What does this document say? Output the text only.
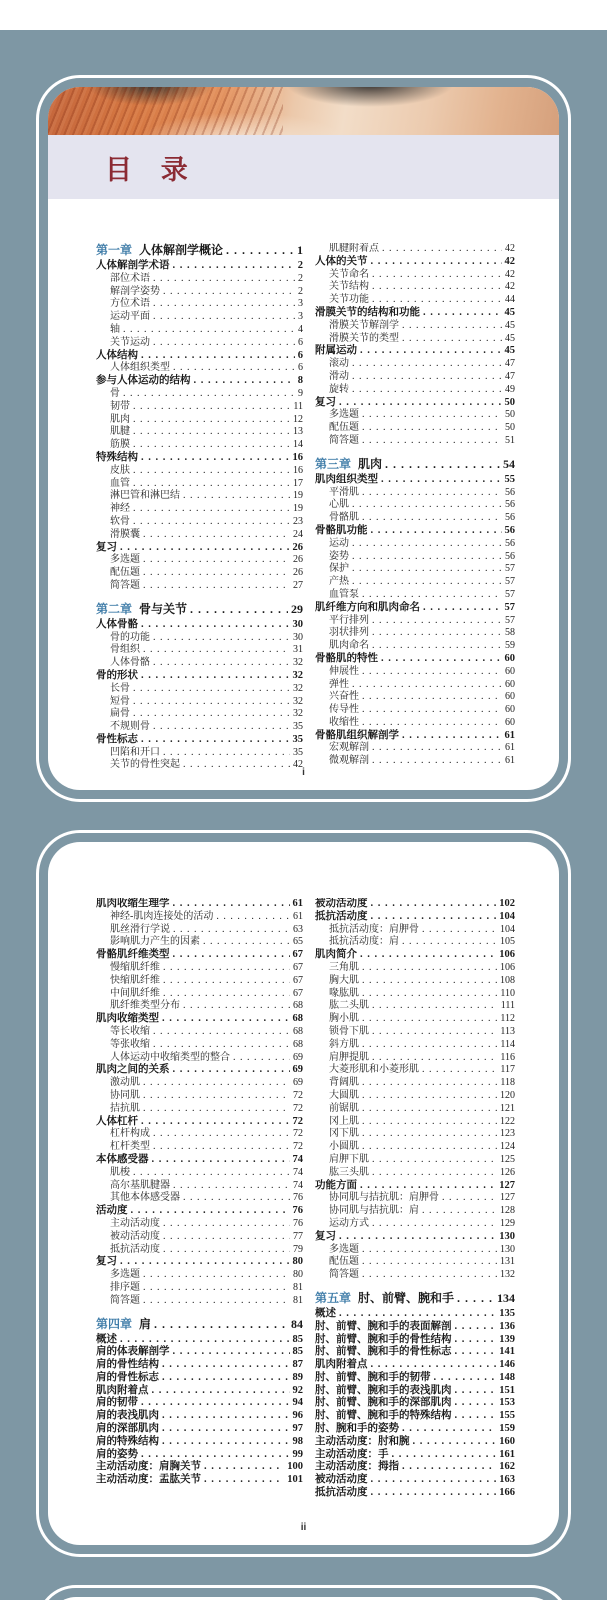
目 录
第一章 人体解剖学概论 . . .	1
人体解剖学术语 . . .	2
部位术语 . . .	2
解剖学姿势 . . .	2
方位术语 . . .	3
运动平面 . . .	3
轴 . . .	4
关节运动 . . .	6
人体结构 . . .	6
人体组织类型 . . .	6
参与人体运动的结构 . . .	8
骨 . . .	9
韧带 . . .	11
肌肉 . . .	12
肌腱 . . .	13
筋膜 . . .	14
特殊结构 . . .	16
皮肤 . . .	16
血管 . . .	17
淋巴管和淋巴结 . . .	19
神经 . . .	19
软骨 . . .	23
滑膜囊 . . .	24
复习 . . .	26
多选题 . . .	26
配伍题 . . .	26
简答题 . . .	27
第二章 骨与关节 . . .	29
人体骨骼 . . .	30
骨的功能 . . .	30
骨组织 . . .	31
人体骨骼 . . .	32
骨的形状 . . .	32
长骨 . . .	32
短骨 . . .	32
扁骨 . . .	32
不规则骨 . . .	35
骨性标志 . . .	35
凹陷和开口 . . .	35
关节的骨性突起 . . .	42
肌腱附着点 . . .	42
人体的关节 . . .	42
关节命名 . . .	42
关节结构 . . .	42
关节功能 . . .	44
滑膜关节的结构和功能 . . .	45
滑膜关节解剖学 . . .	45
滑膜关节的类型 . . .	45
附属运动 . . .	45
滚动 . . .	47
滑动 . . .	47
旋转 . . .	49
复习 . . .	50
多选题 . . .	50
配伍题 . . .	50
简答题 . . .	51
第三章 肌肉 . . .	54
肌肉组织类型 . . .	55
平滑肌 . . .	56
心肌 . . .	56
骨骼肌 . . .	56
骨骼肌功能 . . .	56
运动 . . .	56
姿势 . . .	56
保护 . . .	57
产热 . . .	57
血管泵 . . .	57
肌纤维方向和肌肉命名 . . .	57
平行排列 . . .	57
羽状排列 . . .	58
肌肉命名 . . .	59
骨骼肌的特性 . . .	60
伸展性 . . .	60
弹性 . . .	60
兴奋性 . . .	60
传导性 . . .	60
收缩性 . . .	60
骨骼肌组织解剖学 . . .	61
宏观解剖 . . .	61
微观解剖 . . .	61
i
肌肉收缩生理学 . . .	61
神经-肌肉连接处的活动 . . .	61
肌丝滑行学说 . . .	63
影响肌力产生的因素 . . .	65
骨骼肌纤维类型 . . .	67
慢缩肌纤维 . . .	67
快缩肌纤维 . . .	67
中间肌纤维 . . .	67
肌纤维类型分布 . . .	68
肌肉收缩类型 . . .	68
等长收缩 . . .	68
等张收缩 . . .	68
人体运动中收缩类型的整合 . . .	69
肌肉之间的关系 . . .	69
激动肌 . . .	69
协同肌 . . .	72
拮抗肌 . . .	72
人体杠杆 . . .	72
杠杆构成 . . .	72
杠杆类型 . . .	72
本体感受器 . . .	74
肌梭 . . .	74
高尔基肌腱器 . . .	74
其他本体感受器 . . .	76
活动度 . . .	76
主动活动度 . . .	76
被动活动度 . . .	77
抵抗活动度 . . .	79
复习 . . .	80
多选题 . . .	80
排序题 . . .	81
简答题 . . .	81
第四章 肩 . . .	84
概述 . . .	85
肩的体表解剖学 . . .	85
肩的骨性结构 . . .	87
肩的骨性标志 . . .	89
肌肉附着点 . . .	92
肩的韧带 . . .	94
肩的表浅肌肉 . . .	96
肩的深部肌肉 . . .	97
肩的特殊结构 . . .	98
肩的姿势 . . .	99
主动活动度：肩胸关节 . . .	100
主动活动度：盂肱关节 . . .	101
被动活动度 . . .	102
抵抗活动度 . . .	104
抵抗活动度：肩胛骨 . . .	104
抵抗活动度：肩 . . .	105
肌肉简介 . . .	106
三角肌 . . .	106
胸大肌 . . .	108
喙肱肌 . . .	110
肱二头肌 . . .	111
胸小肌 . . .	112
锁骨下肌 . . .	113
斜方肌 . . .	114
肩胛提肌 . . .	116
大菱形肌和小菱形肌 . . .	117
背阔肌 . . .	118
大圆肌 . . .	120
前锯肌 . . .	121
冈上肌 . . .	122
冈下肌 . . .	123
小圆肌 . . .	124
肩胛下肌 . . .	125
肱三头肌 . . .	126
功能方面 . . .	127
协同肌与拮抗肌：肩胛骨 . . .	127
协同肌与拮抗肌：肩 . . .	128
运动方式 . . .	129
复习 . . .	130
多选题 . . .	130
配伍题 . . .	131
简答题 . . .	132
第五章 肘、前臂、腕和手 . . .	134
概述 . . .	135
肘、前臂、腕和手的表面解剖 . . .	136
肘、前臂、腕和手的骨性结构 . . .	139
肘、前臂、腕和手的骨性标志 . . .	141
肌肉附着点 . . .	146
肘、前臂、腕和手的韧带 . . .	148
肘、前臂、腕和手的表浅肌肉 . . .	151
肘、前臂、腕和手的深部肌肉 . . .	153
肘、前臂、腕和手的特殊结构 . . .	155
肘、腕和手的姿势 . . .	159
主动活动度：肘和腕 . . .	160
主动活动度：手 . . .	161
主动活动度：拇指 . . .	162
被动活动度 . . .	163
抵抗活动度 . . .	166
ii
